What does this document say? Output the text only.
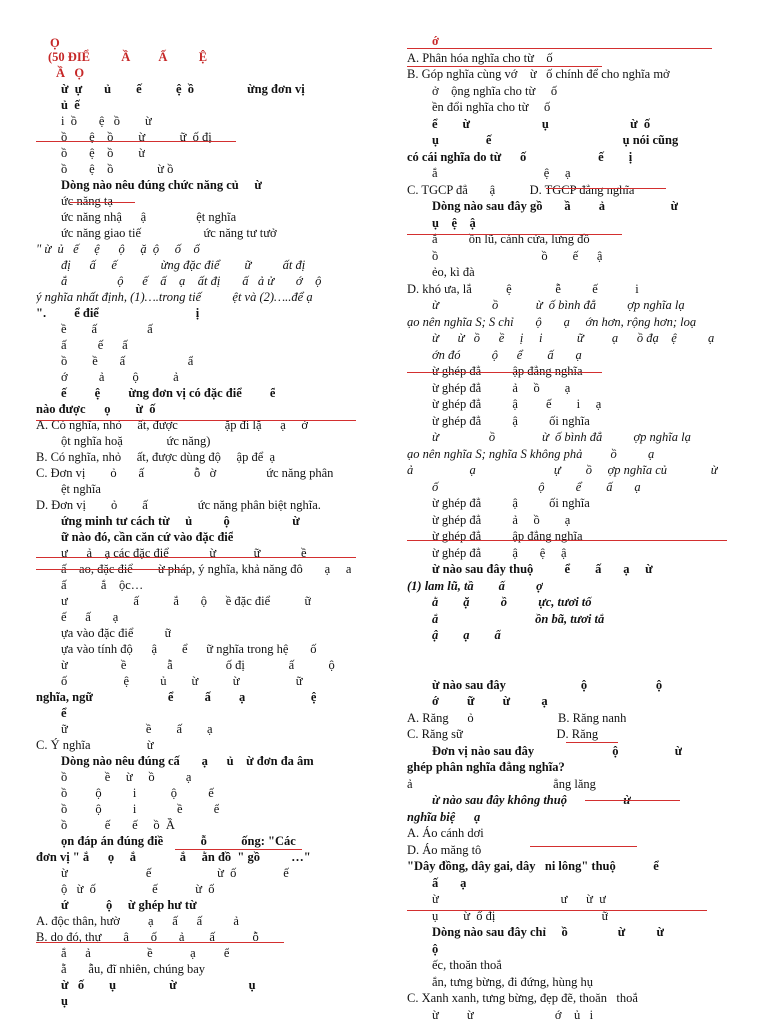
Ọ
(50 ĐIỂ          Ầ         Ấ          Ệ
Ầ   Ọ
ừ  ự       ủ        ế           ệ  ồ                 ừng đơn vị
ủ  ế
i  ồ       ệ   ồ        ừ
ồ       ệ    ồ        ừ           ữ  ố đị
ồ       ệ    ồ        ừ
ồ       ệ    ồ              ừ ồ
Dòng nào nêu đúng chức năng củ     ừ
ức năng tạ
ức năng nhậ      ậ                ệt nghĩa
ức năng giao tiế                    ức năng tư tưở
" ừ  ủ   ế     ệ      ộ     ặ  ộ     ố    ố
đị      ấ     ế              ừng đặc điể        ữ          ất đị
ắ                ộ      ế    ấ    ạ    ất đị       ấ   ả ử       ớ    ộ
ý nghĩa nhất định, (1)….trong tiế          ệt và (2)…..để ạ
".         ể điể                               ị
ề        ấ                ấ
ấ          ế      ấ
ồ        ề       ấ                    ấ
ớ          ả         ộ           ả
ế         ệ         ừng đơn vị có đặc điể         ế
nào được      ọ        ừ  ố
A. Có nghĩa, nhỏ     ất, được               ặp đi lặ      ạ     ớ
ột nghĩa hoặ              ức năng)
B. Có nghĩa, nhỏ     ất, được dùng độ     ập để  ạ
C. Đơn vị        ỏ       ấ                ỗ   ờ                ức năng phân
ệt nghĩa
D. Đơn vị        ỏ        ấ                ức năng phân biệt nghĩa.
ứng minh tư cách từ     ủ          ộ                    ừ
ữ nào đó, cần căn cứ vào đặc điể
ư      ả    ạ các đặc điể             ừ            ữ             ề
ấ    ao, đặc điể        ừ pháp, ý nghĩa, khả năng đô       ạ     a
ấ           ắ    ộc…
ư                     ấ           ắ       ộ      ề đặc điể           ữ
ế      ấ       ạ
ựa vào đặc điể          ữ
ựa vào tính độ      ậ        ể      ữ nghĩa trong hệ       ố
ừ                 ề             ẫ                 ố đị              ấ           ộ
ố                  ệ          ủ        ừ           ừ                  ữ
nghĩa, ngữ                        ể          ấ         ạ                     ệ
ể
ữ                         ề        ấ        ạ
C. Ý nghĩa                  ừ
Dòng nào nêu đúng cấ       ạ      ủ    ừ đơn đa âm
ồ            ề     ừ     ồ          ạ
ồ         ộ          i           ộ          ế
ồ         ộ          i             ề          ế
ồ            ế       ế     ồ  Ầ
ọn đáp án đúng điề            ỗ           ống: "Các
đơn vị " ắ      ọ     ắ              ắ     ằn đồ  " gồ          …"
ừ                         ế                     ừ  ố               ế
ộ   ừ  ố                  ế            ừ  ố
ứ            ộ     ừ ghép hư từ
A. độc thân, hườ         ạ      ấ      ấ          ả
B. do đó, thự       ậ       ố       ả        ấ            ỗ
ắ      ả                  ề            ạ         ế
ẵ       ẫu, đĩ nhiên, chúng bay
ừ   ố        ụ                 ừ                       ụ
ụ
ớ
A. Phân hóa nghĩa cho từ    ố
B. Góp nghĩa cùng vớ    ừ   ố chính để cho nghĩa mở
ở    ộng nghĩa cho từ     ố
ền đổi nghĩa cho từ     ố
ể        ừ                       ụ                          ừ  ố
ụ               ế                                          ụ nói cũng
có cái nghĩa do từ      ố                       ế        ị
ắ                                  ệ     ạ
C. TGCP đẳ       ậ           D. TGCP đẳng nghĩa
Dòng nào sau đây gồ       ầ         ả                     ừ
ụ    ệ    ậ
ắ          ồn lũ, cánh cửa, lưng đồ
ồ                                 ồ        ế      ậ
ẻo, kì đà
D. khó ưa, lắ           ệ              ễ          ế            i
ừ                 ồ            ừ  ố bình đẳ          ợp nghĩa lạ
ạo nên nghĩa S; S chỉ       ộ       ạ     ớn hơn, rộng hơn; loạ
ừ      ừ   ồ      ề     ị     i           ữ         ạ      ồ đạ    ệ          ạ
ớn đó          ộ      ể        ấ       ạ
ừ ghép đẳ          ập đẳng nghĩa
ừ ghép đẳ          ả     ồ        ạ
ừ ghép đẳ          ậ         ế        i     ạ
ừ ghép đẳ          ậ          ối nghĩa
ừ                ồ               ừ  ố bình đẳ          ợp nghĩa lạ
ạo nên nghĩa S; nghĩa S không phả         ồ          ạ
ả                  ạ                         ự        ồ     ợp nghĩa củ              ừ
ố                                ộ          ể        ấ       ạ
ừ ghép đẳ          ậ          ối nghĩa
ừ ghép đẳ          ả     ồ        ạ
ừ ghép đẳ          ập đẳng nghĩa
ừ ghép đẳ          ậ       ệ     ậ
ừ nào sau đây thuộ          ể        ấ       ạ     ừ
(1) lam lũ, tầ        ấ          ợ
ằ        ặ          ồ          ực, tươi tố
ắ                               ồn bã, tươi tắ
ậ        ạ        ấ
ừ nào sau đây                        ộ                      ộ
ớ         ữ         ừ          ạ
A. Răng      ỏ                           B. Răng nanh
C. Răng sữ                              D. Răng
Đơn vị nào sau đây                         ộ                  ừ
ghép phân nghĩa đẳng nghĩa?
ả                                             ẳng lăng
ừ nào sau đây không thuộ                  ừ
nghĩa biệ      ạ
A. Áo cánh dơi
D. Áo măng tô
"Dây đồng, dây gai, dây   ni lông" thuộ            ể
ấ       ạ
ừ                                       ư      ừ  ư
ụ        ừ  ố đị                                  ữ
Dòng nào sau đây chỉ     ồ                ừ          ừ
ộ
ếc, thoăn thoắ
ắn, tưng bừng, đi đứng, hùng hụ
C. Xanh xanh, tưng bừng, đẹp đẽ, thoăn   thoắ
ừ         ừ                          ớ    ủ   i
